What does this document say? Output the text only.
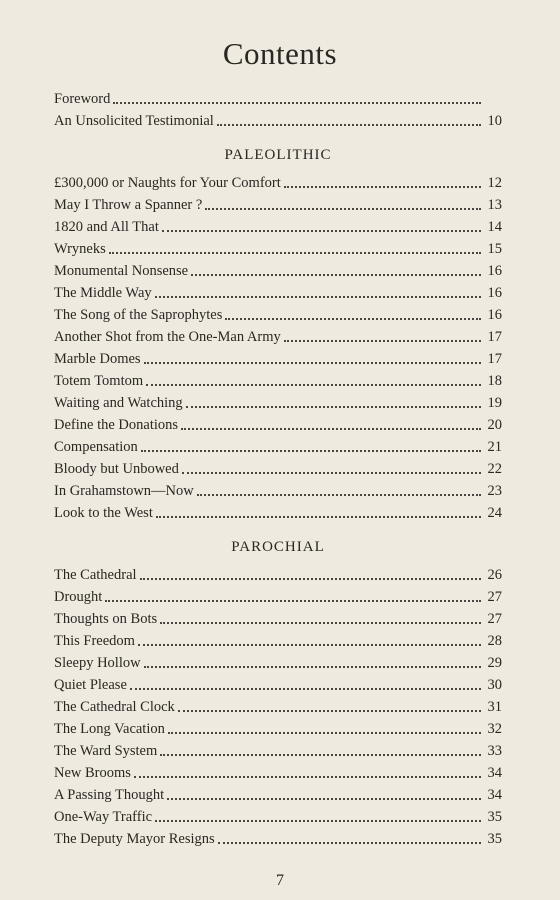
Contents
Foreword
An Unsolicited Testimonial	10
PALEOLITHIC
£300,000 or Naughts for Your Comfort	12
May I Throw a Spanner ?	13
1820 and All That	14
Wryneks	15
Monumental Nonsense	16
The Middle Way	16
The Song of the Saprophytes	16
Another Shot from the One-Man Army	17
Marble Domes	17
Totem Tomtom	18
Waiting and Watching	19
Define the Donations	20
Compensation	21
Bloody but Unbowed	22
In Grahamstown—Now	23
Look to the West	24
PAROCHIAL
The Cathedral	26
Drought	27
Thoughts on Bots	27
This Freedom	28
Sleepy Hollow	29
Quiet Please	30
The Cathedral Clock	31
The Long Vacation	32
The Ward System	33
New Brooms	34
A Passing Thought	34
One-Way Traffic	35
The Deputy Mayor Resigns	35
7
